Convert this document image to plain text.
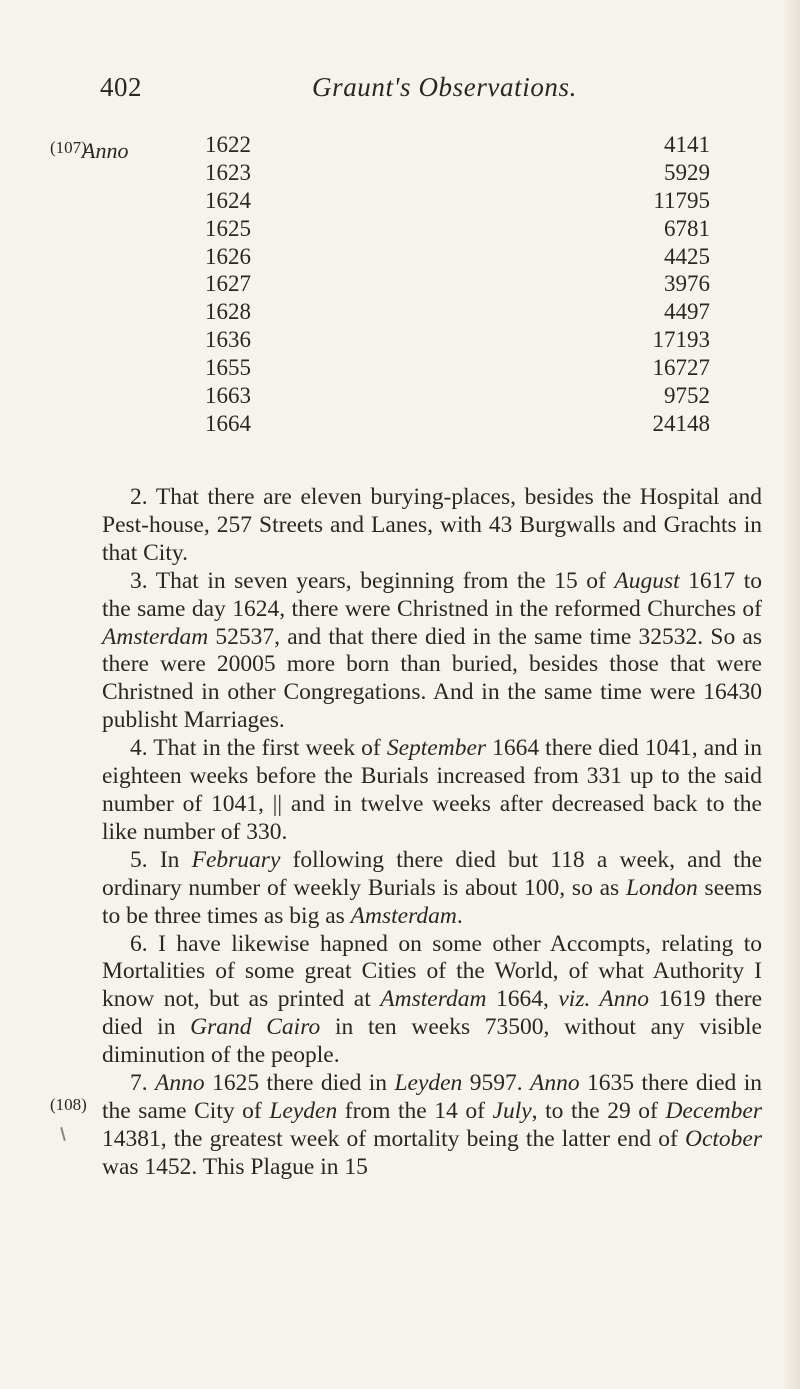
402	Graunt's Observations.
(107)
Anno	1622	4141
1623	5929
1624	11795
1625	6781
1626	4425
1627	3976
1628	4497
1636	17193
1655	16727
1663	9752
1664	24148

2. That there are eleven burying-places, besides the Hospital and Pest-house, 257 Streets and Lanes, with 43 Burgwalls and Grachts in that City.

3. That in seven years, beginning from the 15 of August 1617 to the same day 1624, there were Christned in the reformed Churches of Amsterdam 52537, and that there died in the same time 32532. So as there were 20005 more born than buried, besides those that were Christned in other Congregations. And in the same time were 16430 publisht Marriages.

4. That in the first week of September 1664 there died 1041, and in eighteen weeks before the Burials increased from 331 up to the said number of 1041, || and in twelve weeks after decreased back to the like number of 330.

5. In February following there died but 118 a week, and the ordinary number of weekly Burials is about 100, so as London seems to be three times as big as Amsterdam.

6. I have likewise hapned on some other Accompts, relating to Mortalities of some great Cities of the World, of what Authority I know not, but as printed at Amsterdam 1664, viz. Anno 1619 there died in Grand Cairo in ten weeks 73500, without any visible diminution of the people.

7. Anno 1625 there died in Leyden 9597. Anno 1635 there died in the same City of Leyden from the 14 of July, to the 29 of December 14381, the greatest week of mortality being the latter end of October was 1452. This Plague in 15

(108)
